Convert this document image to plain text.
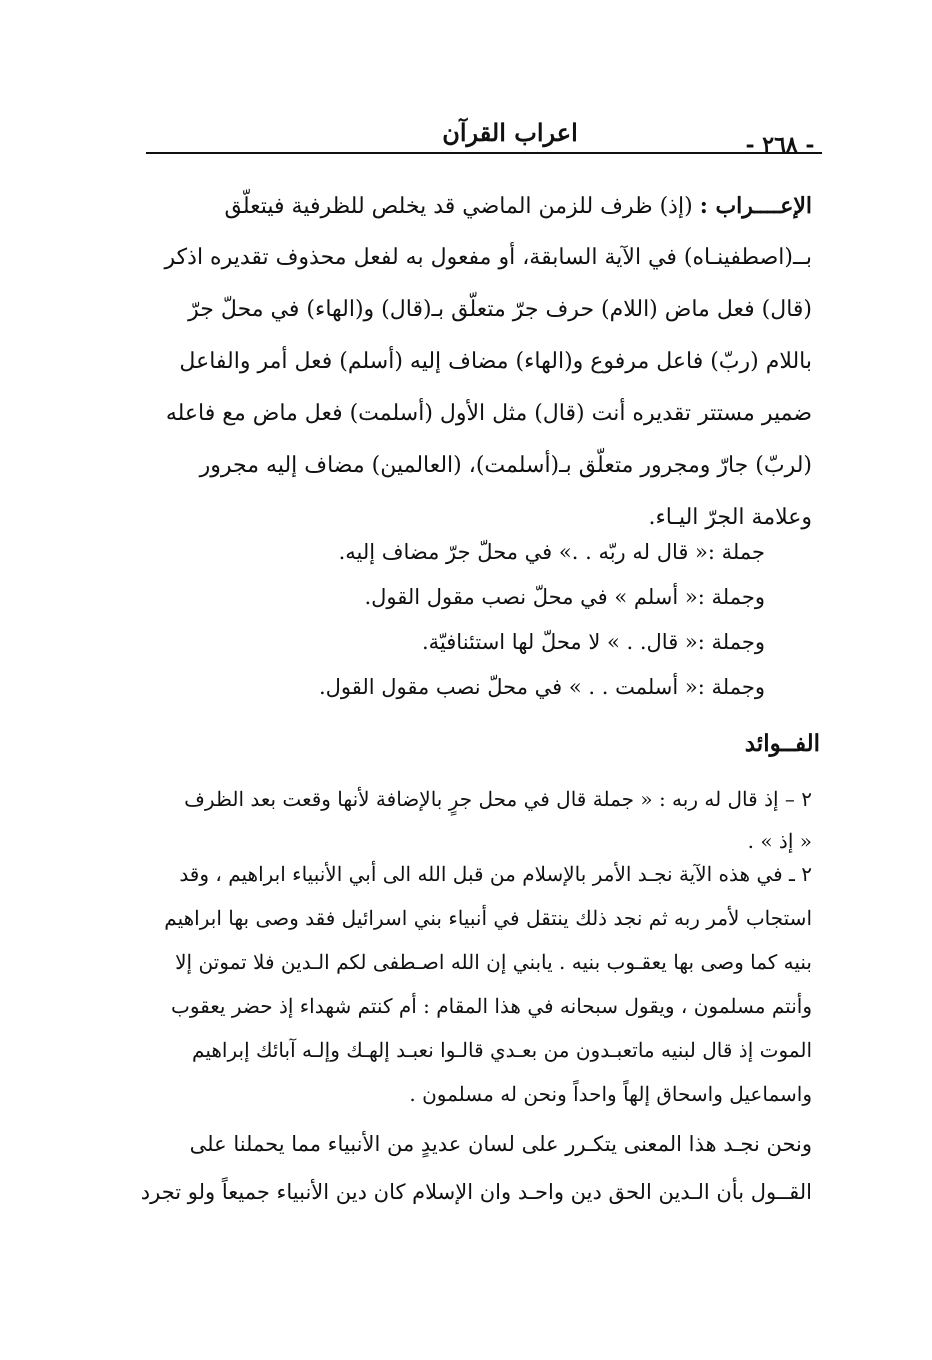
اعراب القرآن	- ٢٦٨ -
الإعــــراب : (إذ) ظرف للزمن الماضي قد يخلص للظرفية فيتعلّق
بــ(اصطفينـاه) في الآية السابقة، أو مفعول به لفعل محذوف تقديره اذكر
(قال) فعل ماض (اللام) حرف جرّ متعلّق بـ(قال) و(الهاء) في محلّ جرّ
باللام (ربّ) فاعل مرفوع و(الهاء) مضاف إليه (أسلم) فعل أمر والفاعل
ضمير مستتر تقديره أنت (قال) مثل الأول (أسلمت) فعل ماض مع فاعله
(لربّ) جارّ ومجرور متعلّق بـ(أسلمت)، (العالمين) مضاف إليه مجرور
وعلامة الجرّ اليـاء.
جملة :« قال له ربّه . .» في محلّ جرّ مضاف إليه.
وجملة :« أسلم » في محلّ نصب مقول القول.
وجملة :« قال. . » لا محلّ لها استئنافيّة.
وجملة :« أسلمت . . » في محلّ نصب مقول القول.
الفــوائد
٢ – إذ قال له ربه : « جملة قال في محل جرٍ بالإضافة لأنها وقعت بعد الظرف
« إذ » .
٢ ـ في هذه الآية نجـد الأمر بالإسلام من قبل الله الى أبي الأنبياء ابراهيم ، وقد
استجاب لأمر ربه ثم نجد ذلك ينتقل في أنبياء بني اسرائيل فقد وصى بها ابراهيم
بنيه كما وصى بها يعقـوب بنيه . يابني إن الله اصـطفى لكم الـدين فلا تموتن إلا
وأنتم مسلمون ، ويقول سبحانه في هذا المقام : أم كنتم شهداء إذ حضر يعقوب
الموت إذ قال لبنيه ماتعبـدون من بعـدي قالـوا نعبـد إلهـك وإلـه آبائك إبراهيم
واسماعيل واسحاق إلهاً واحداً ونحن له مسلمون .
ونحن نجـد هذا المعنى يتكـرر على لسان عديدٍ من الأنبياء مما يحملنا على
القــول بأن الـدين الحق دين واحـد وان الإسلام كان دين الأنبياء جميعاً ولو تجرد
